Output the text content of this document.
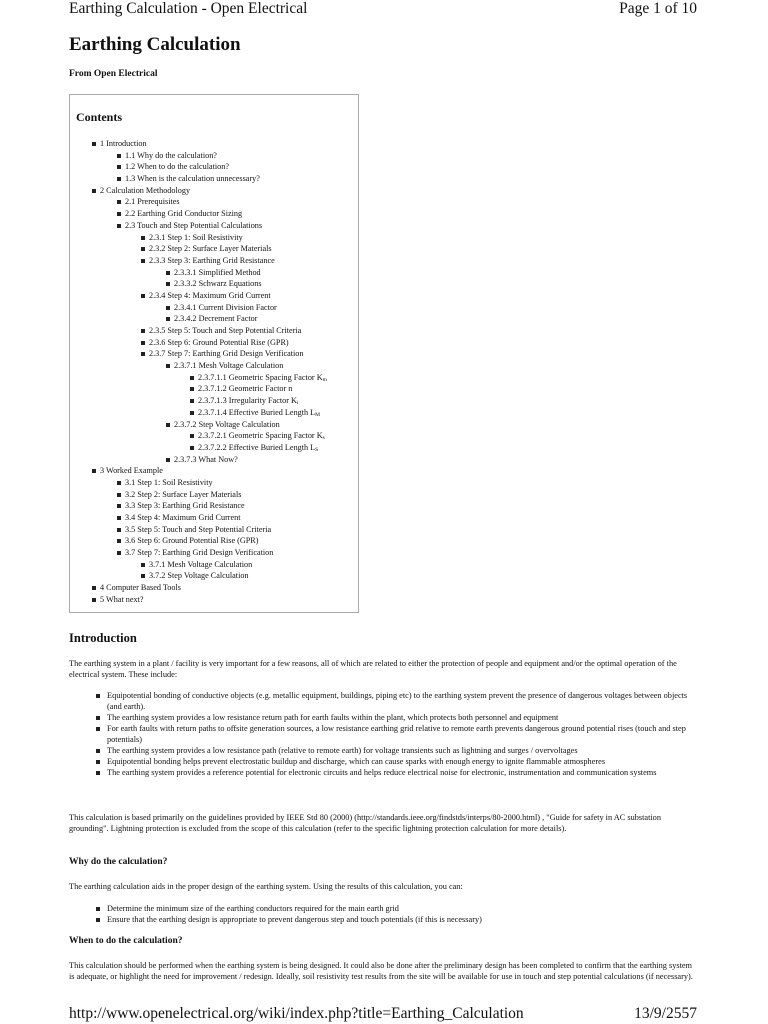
Earthing Calculation - Open Electrical	Page 1 of 10
Earthing Calculation
From Open Electrical
Contents
1 Introduction
1.1 Why do the calculation?
1.2 When to do the calculation?
1.3 When is the calculation unnecessary?
2 Calculation Methodology
2.1 Prerequisites
2.2 Earthing Grid Conductor Sizing
2.3 Touch and Step Potential Calculations
2.3.1 Step 1: Soil Resistivity
2.3.2 Step 2: Surface Layer Materials
2.3.3 Step 3: Earthing Grid Resistance
2.3.3.1 Simplified Method
2.3.3.2 Schwarz Equations
2.3.4 Step 4: Maximum Grid Current
2.3.4.1 Current Division Factor
2.3.4.2 Decrement Factor
2.3.5 Step 5: Touch and Step Potential Criteria
2.3.6 Step 6: Ground Potential Rise (GPR)
2.3.7 Step 7: Earthing Grid Design Verification
2.3.7.1 Mesh Voltage Calculation
2.3.7.1.1 Geometric Spacing Factor $K_m$
2.3.7.1.2 Geometric Factor n
2.3.7.1.3 Irregularity Factor $K_i$
2.3.7.1.4 Effective Buried Length $L_M$
2.3.7.2 Step Voltage Calculation
2.3.7.2.1 Geometric Spacing Factor $K_s$
2.3.7.2.2 Effective Buried Length $L_S$
2.3.7.3 What Now?
3 Worked Example
3.1 Step 1: Soil Resistivity
3.2 Step 2: Surface Layer Materials
3.3 Step 3: Earthing Grid Resistance
3.4 Step 4: Maximum Grid Current
3.5 Step 5: Touch and Step Potential Criteria
3.6 Step 6: Ground Potential Rise (GPR)
3.7 Step 7: Earthing Grid Design Verification
3.7.1 Mesh Voltage Calculation
3.7.2 Step Voltage Calculation
4 Computer Based Tools
5 What next?
Introduction

The earthing system in a plant / facility is very important for a few reasons, all of which are related to either the protection of people and equipment and/or the optimal operation of the electrical system. These include:

Equipotential bonding of conductive objects (e.g. metallic equipment, buildings, piping etc) to the earthing system prevent the presence of dangerous voltages between objects (and earth).
The earthing system provides a low resistance return path for earth faults within the plant, which protects both personnel and equipment
For earth faults with return paths to offsite generation sources, a low resistance earthing grid relative to remote earth prevents dangerous ground potential rises (touch and step potentials)
The earthing system provides a low resistance path (relative to remote earth) for voltage transients such as lightning and surges / overvoltages
Equipotential bonding helps prevent electrostatic buildup and discharge, which can cause sparks with enough energy to ignite flammable atmospheres
The earthing system provides a reference potential for electronic circuits and helps reduce electrical noise for electronic, instrumentation and communication systems

This calculation is based primarily on the guidelines provided by IEEE Std 80 (2000) (http://standards.ieee.org/findstds/interps/80-2000.html) , "Guide for safety in AC substation grounding". Lightning protection is excluded from the scope of this calculation (refer to the specific lightning protection calculation for more details).

Why do the calculation?

The earthing calculation aids in the proper design of the earthing system. Using the results of this calculation, you can:

Determine the minimum size of the earthing conductors required for the main earth grid
Ensure that the earthing design is appropriate to prevent dangerous step and touch potentials (if this is necessary)
When to do the calculation?

This calculation should be performed when the earthing system is being designed. It could also be done after the preliminary design has been completed to confirm that the earthing system is adequate, or highlight the need for improvement / redesign. Ideally, soil resistivity test results from the site will be available for use in touch and step potential calculations (if necessary).

http://www.openelectrical.org/wiki/index.php?title=Earthing_Calculation	13/9/2557
